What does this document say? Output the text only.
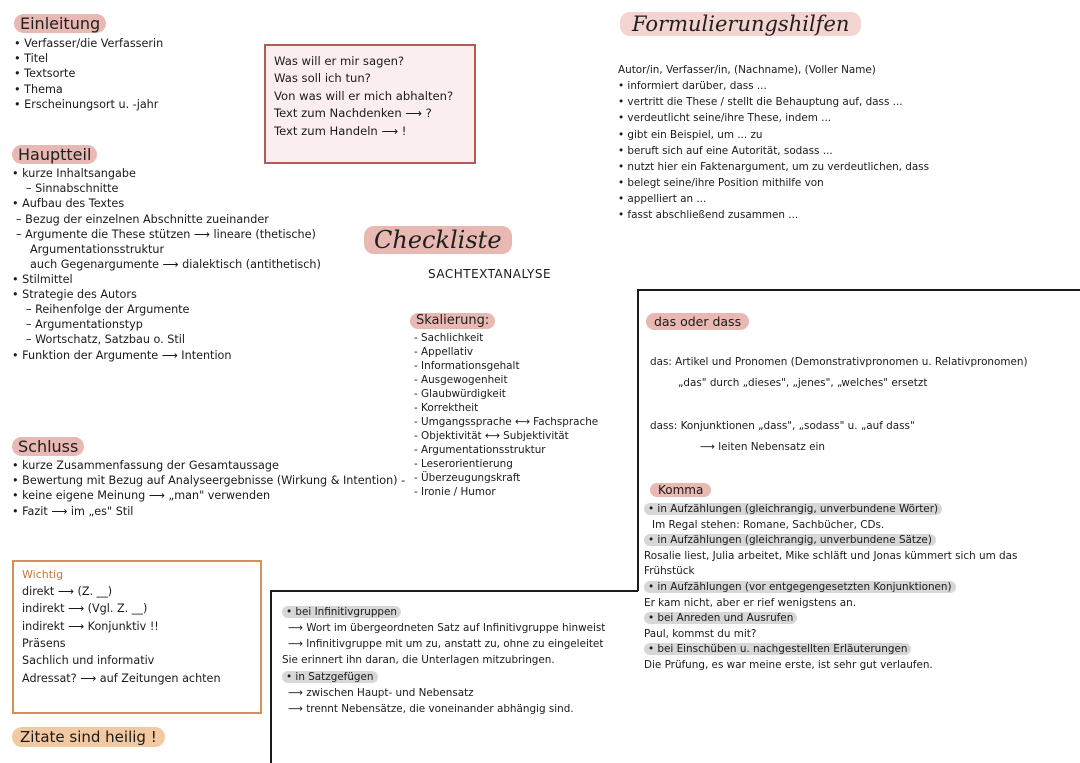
Einleitung
• Verfasser/die Verfasserin
• Titel
• Textsorte
• Thema
• Erscheinungsort u. -jahr
Hauptteil
• kurze Inhaltsangabe
– Sinnabschnitte
• Aufbau des Textes
– Bezug der einzelnen Abschnitte zueinander
– Argumente die These stützen ⟶ lineare (thetische)
Argumentationsstruktur
auch Gegenargumente ⟶ dialektisch (antithetisch)
• Stilmittel
• Strategie des Autors
– Reihenfolge der Argumente
– Argumentationstyp
– Wortschatz, Satzbau o. Stil
• Funktion der Argumente ⟶ Intention
Schluss
• kurze Zusammenfassung der Gesamtaussage
• Bewertung mit Bezug auf Analyseergebnisse (Wirkung & Intention) -
• keine eigene Meinung ⟶ „man" verwenden
• Fazit ⟶ im „es" Stil
Was will er mir sagen?
Was soll ich tun?
Von was will er mich abhalten?
Text zum Nachdenken ⟶ ?
Text zum Handeln ⟶ !
Checkliste
SACHTEXTANALYSE
Skalierung:
- Sachlichkeit
- Appellativ
- Informationsgehalt
- Ausgewogenheit
- Glaubwürdigkeit
- Korrektheit
- Umgangssprache ⟷ Fachsprache
- Objektivität ⟷ Subjektivität
- Argumentationsstruktur
- Leserorientierung
- Überzeugungskraft
- Ironie / Humor
Wichtig
direkt ⟶ (Z. __)
indirekt ⟶ (Vgl. Z. __)
indirekt ⟶ Konjunktiv !!
Präsens
Sachlich und informativ
Adressat? ⟶ auf Zeitungen achten
Zitate sind heilig !
Formulierungshilfen
Autor/in, Verfasser/in, (Nachname), (Voller Name)
• informiert darüber, dass ...
• vertritt die These / stellt die Behauptung auf, dass ...
• verdeutlicht seine/ihre These, indem ...
• gibt ein Beispiel, um ... zu
• beruft sich auf eine Autorität, sodass ...
• nutzt hier ein Faktenargument, um zu verdeutlichen, dass
• belegt seine/ihre Position mithilfe von
• appelliert an ...
• fasst abschließend zusammen ...
das oder dass
das: Artikel und Pronomen (Demonstrativpronomen u. Relativpronomen)
„das" durch „dieses", „jenes", „welches" ersetzt
dass: Konjunktionen „dass", „sodass" u. „auf dass"
⟶ leiten Nebensatz ein
Komma
• in Aufzählungen (gleichrangig, unverbundene Wörter)
Im Regal stehen: Romane, Sachbücher, CDs.
• in Aufzählungen (gleichrangig, unverbundene Sätze)
Rosalie liest, Julia arbeitet, Mike schläft und Jonas kümmert sich um das
Frühstück
• in Aufzählungen (vor entgegengesetzten Konjunktionen)
Er kam nicht, aber er rief wenigstens an.
• bei Anreden und Ausrufen
Paul, kommst du mit?
• bei Einschüben u. nachgestellten Erläuterungen
Die Prüfung, es war meine erste, ist sehr gut verlaufen.
• bei Infinitivgruppen
⟶ Wort im übergeordneten Satz auf Infinitivgruppe hinweist
⟶ Infinitivgruppe mit um zu, anstatt zu, ohne zu eingeleitet
Sie erinnert ihn daran, die Unterlagen mitzubringen.
• in Satzgefügen
⟶ zwischen Haupt- und Nebensatz
⟶ trennt Nebensätze, die voneinander abhängig sind.
